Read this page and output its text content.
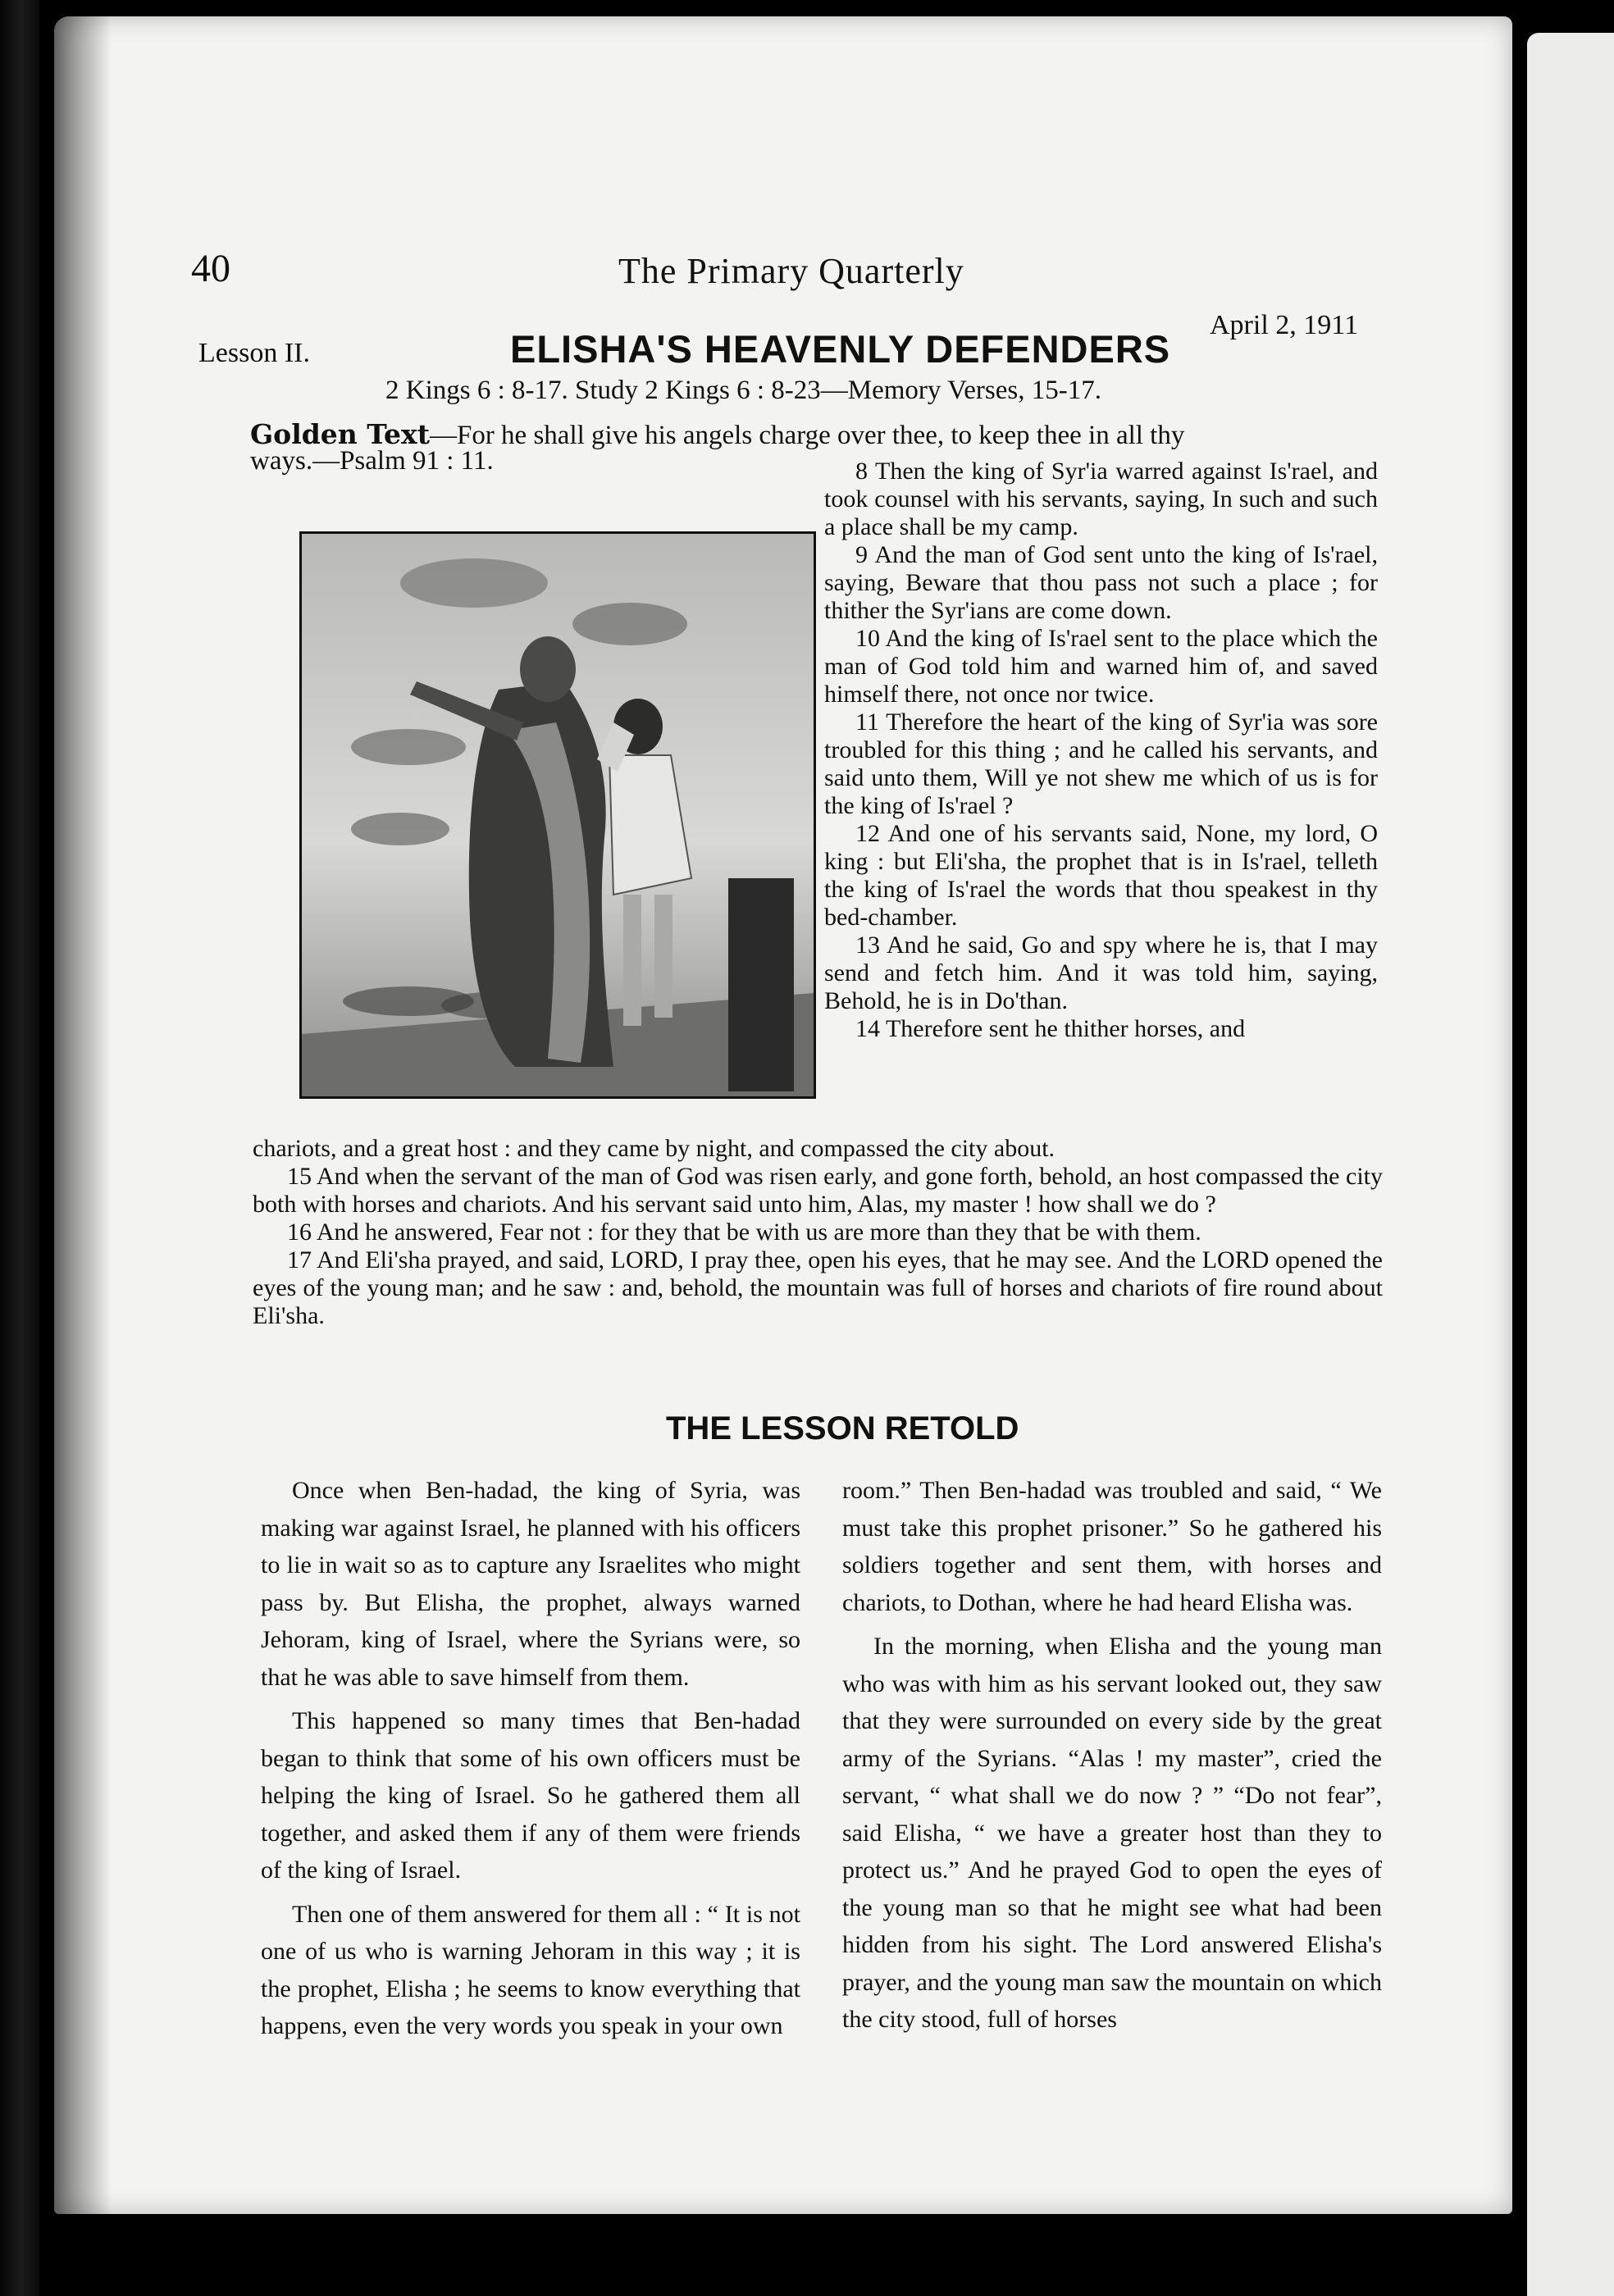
40	The Primary Quarterly
Lesson II.	ELISHA'S HEAVENLY DEFENDERS
April 2, 1911
2 Kings 6 : 8-17. Study 2 Kings 6 : 8-23—Memory Verses, 15-17.
Golden Text—For he shall give his angels charge over thee, to keep thee in all thy
ways.—Psalm 91 : 11.	8 Then the king of Syr'ia warred against Is'rael, and took counsel with his servants, saying, In such and such a place shall be my camp.

9 And the man of God sent unto the king of Is'rael, saying, Beware that thou pass not such a place ; for thither the Syr'ians are come down.

10 And the king of Is'rael sent to the place which the man of God told him and warned him of, and saved himself there, not once nor twice.

11 Therefore the heart of the king of Syr'ia was sore troubled for this thing ; and he called his servants, and said unto them, Will ye not shew me which of us is for the king of Is'rael ?

12 And one of his servants said, None, my lord, O king : but Eli'sha, the prophet that is in Is'rael, telleth the king of Is'rael the words that thou speakest in thy bed-chamber.

13 And he said, Go and spy where he is, that I may send and fetch him. And it was told him, saying, Behold, he is in Do'than.

14 Therefore sent he thither horses, and

chariots, and a great host : and they came by night, and compassed the city about.

15 And when the servant of the man of God was risen early, and gone forth, behold, an host compassed the city both with horses and chariots. And his servant said unto him, Alas, my master ! how shall we do ?

16 And he answered, Fear not : for they that be with us are more than they that be with them.

17 And Eli'sha prayed, and said, LORD, I pray thee, open his eyes, that he may see. And the LORD opened the eyes of the young man; and he saw : and, behold, the mountain was full of horses and chariots of fire round about Eli'sha.

THE LESSON RETOLD

Once when Ben-hadad, the king of Syria, was making war against Israel, he planned with his officers to lie in wait so as to capture any Israelites who might pass by. But Elisha, the prophet, always warned Jehoram, king of Israel, where the Syrians were, so that he was able to save himself from them.

This happened so many times that Ben-hadad began to think that some of his own officers must be helping the king of Israel. So he gathered them all together, and asked them if any of them were friends of the king of Israel.

Then one of them answered for them all : “ It is not one of us who is warning Jehoram in this way ; it is the prophet, Elisha ; he seems to know everything that happens, even the very words you speak in your own

room.” Then Ben-hadad was troubled and said, “ We must take this prophet prisoner.” So he gathered his soldiers together and sent them, with horses and chariots, to Dothan, where he had heard Elisha was.

In the morning, when Elisha and the young man who was with him as his servant looked out, they saw that they were surrounded on every side by the great army of the Syrians. “Alas ! my master”, cried the servant, “ what shall we do now ? ” “Do not fear”, said Elisha, “ we have a greater host than they to protect us.” And he prayed God to open the eyes of the young man so that he might see what had been hidden from his sight. The Lord answered Elisha's prayer, and the young man saw the mountain on which the city stood, full of horses
